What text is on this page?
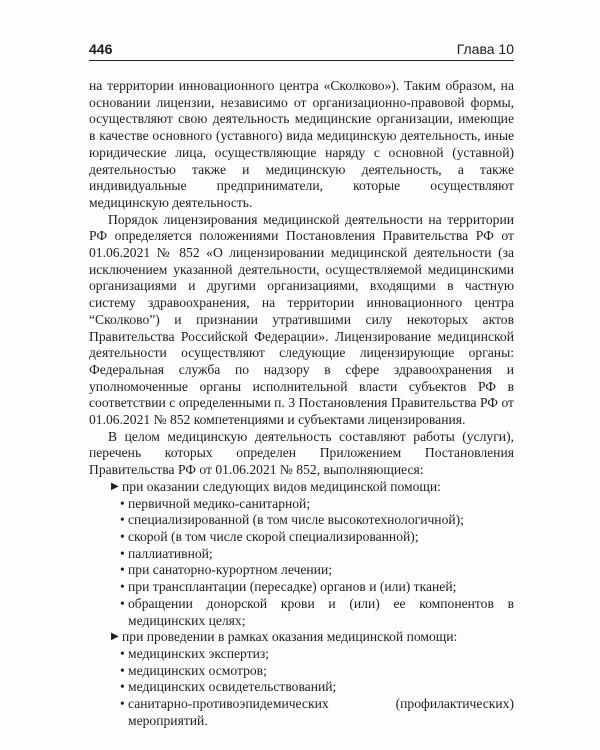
446	Глава 10

на территории инновационного центра «Сколково»). Таким образом, на основании лицензии, независимо от организационно-правовой формы, осуществляют свою деятельность медицинские организации, имеющие в качестве основного (уставного) вида медицинскую деятельность, иные юридические лица, осуществляющие наряду с основной (уставной) деятельностью также и медицинскую деятельность, а также индивидуальные предприниматели, которые осуществляют медицинскую деятельность.

Порядок лицензирования медицинской деятельности на территории РФ определяется положениями Постановления Правительства РФ от 01.06.2021 № 852 «О лицензировании медицинской деятельности (за исключением указанной деятельности, осуществляемой медицинскими организациями и другими организациями, входящими в частную систему здравоохранения, на территории инновационного центра “Сколково”) и признании утратившими силу некоторых актов Правительства Российской Федерации». Лицензирование медицинской деятельности осуществляют следующие лицензирующие органы: Федеральная служба по надзору в сфере здравоохранения и уполномоченные органы исполнительной власти субъектов РФ в соответствии с определенными п. 3 Постановления Правительства РФ от 01.06.2021 № 852 компетенциями и субъектами лицензирования.

В целом медицинскую деятельность составляют работы (услуги), перечень которых определен Приложением Постановления Правительства РФ от 01.06.2021 № 852, выполняющиеся:

▶ при оказании следующих видов медицинской помощи:

• первичной медико-санитарной;

• специализированной (в том числе высокотехнологичной);

• скорой (в том числе скорой специализированной);

• паллиативной;

• при санаторно-курортном лечении;

• при трансплантации (пересадке) органов и (или) тканей;

• обращении донорской крови и (или) ее компонентов в медицинских целях;

▶ при проведении в рамках оказания медицинской помощи:

• медицинских экспертиз;

• медицинских осмотров;

• медицинских освидетельствований;

• санитарно-противоэпидемических (профилактических) мероприятий.
